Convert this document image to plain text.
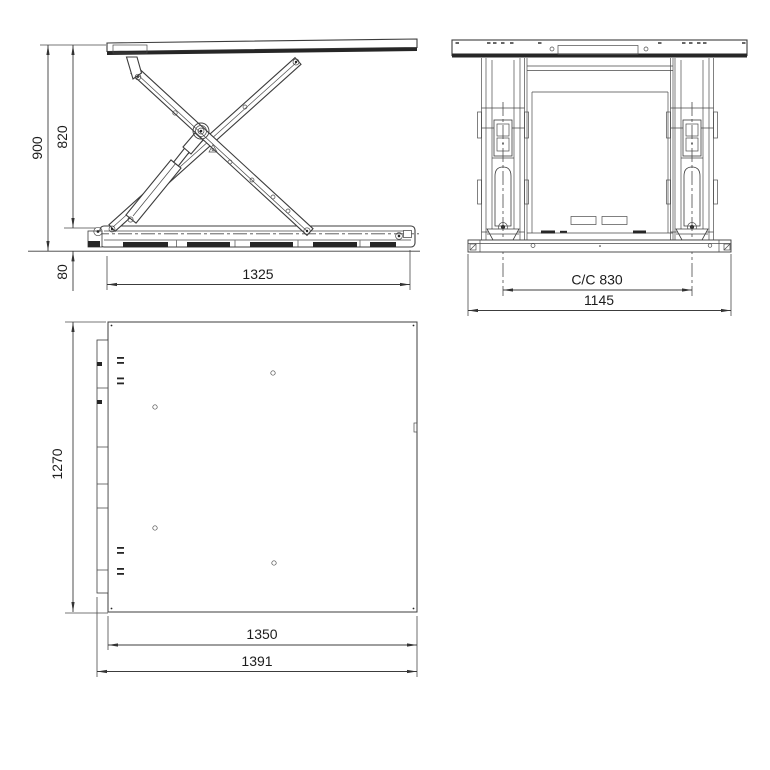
900 820
80	1325	C/C 830
1145
1270
1350
1391
